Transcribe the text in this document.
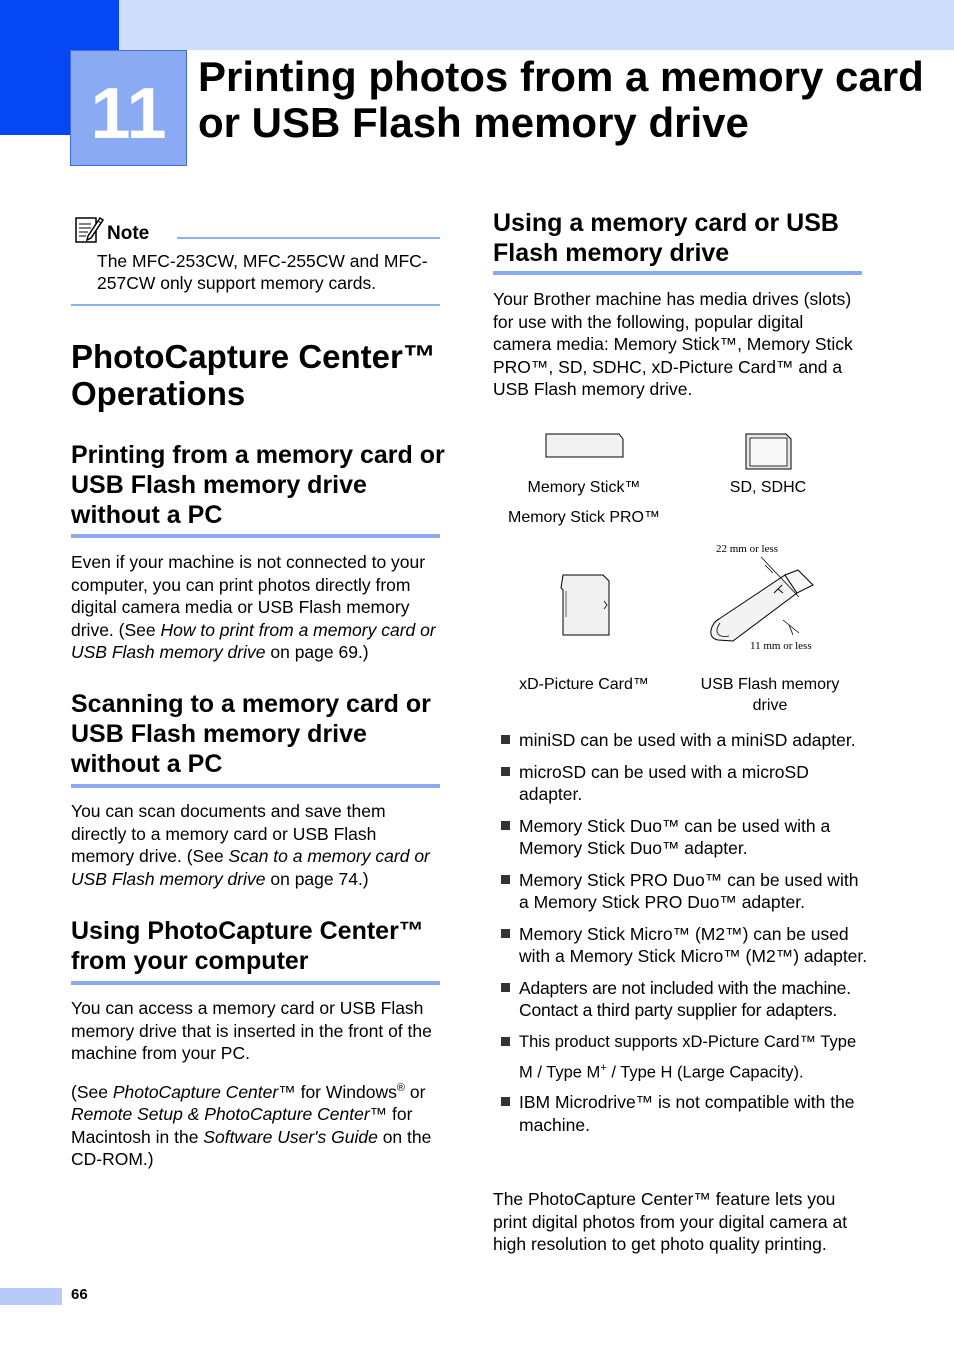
11 Printing photos from a memory card or USB Flash memory drive
Note
The MFC-253CW, MFC-255CW and MFC-257CW only support memory cards.
PhotoCapture Center™ Operations
Printing from a memory card or USB Flash memory drive without a PC
Even if your machine is not connected to your computer, you can print photos directly from digital camera media or USB Flash memory drive. (See How to print from a memory card or USB Flash memory drive on page 69.)
Scanning to a memory card or USB Flash memory drive without a PC
You can scan documents and save them directly to a memory card or USB Flash memory drive. (See Scan to a memory card or USB Flash memory drive on page 74.)
Using PhotoCapture Center™ from your computer
You can access a memory card or USB Flash memory drive that is inserted in the front of the machine from your PC.
(See PhotoCapture Center™ for Windows® or Remote Setup & PhotoCapture Center™ for Macintosh in the Software User's Guide on the CD-ROM.)
Using a memory card or USB Flash memory drive
Your Brother machine has media drives (slots) for use with the following, popular digital camera media: Memory Stick™, Memory Stick PRO™, SD, SDHC, xD-Picture Card™ and a USB Flash memory drive.
Memory Stick™
Memory Stick PRO™
SD, SDHC
22 mm or less
11 mm or less
xD-Picture Card™	USB Flash memory drive
miniSD can be used with a miniSD adapter.
microSD can be used with a microSD adapter.
Memory Stick Duo™ can be used with a Memory Stick Duo™ adapter.
Memory Stick PRO Duo™ can be used with a Memory Stick PRO Duo™ adapter.
Memory Stick Micro™ (M2™) can be used with a Memory Stick Micro™ (M2™) adapter.
Adapters are not included with the machine. Contact a third party supplier for adapters.
This product supports xD-Picture Card™ Type M / Type M+ / Type H (Large Capacity).
IBM Microdrive™ is not compatible with the machine.
The PhotoCapture Center™ feature lets you print digital photos from your digital camera at high resolution to get photo quality printing.
66
